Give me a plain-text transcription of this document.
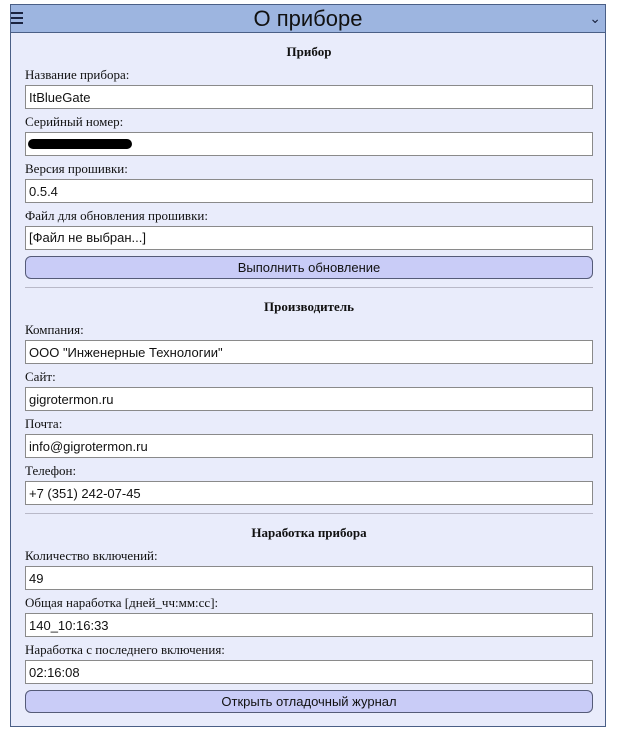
О приборе	⌄
Прибор
Название прибора:
ItBlueGate
Серийный номер:
Версия прошивки:
0.5.4
Файл для обновления прошивки:
[Файл не выбран...]
Выполнить обновление
Производитель
Компания:
ООО "Инженерные Технологии"
Сайт:
gigrotermon.ru
Почта:
info@gigrotermon.ru
Телефон:
+7 (351) 242-07-45
Наработка прибора
Количество включений:
49
Общая наработка [дней_чч:мм:сс]:
140_10:16:33
Наработка с последнего включения:
02:16:08
Открыть отладочный журнал
